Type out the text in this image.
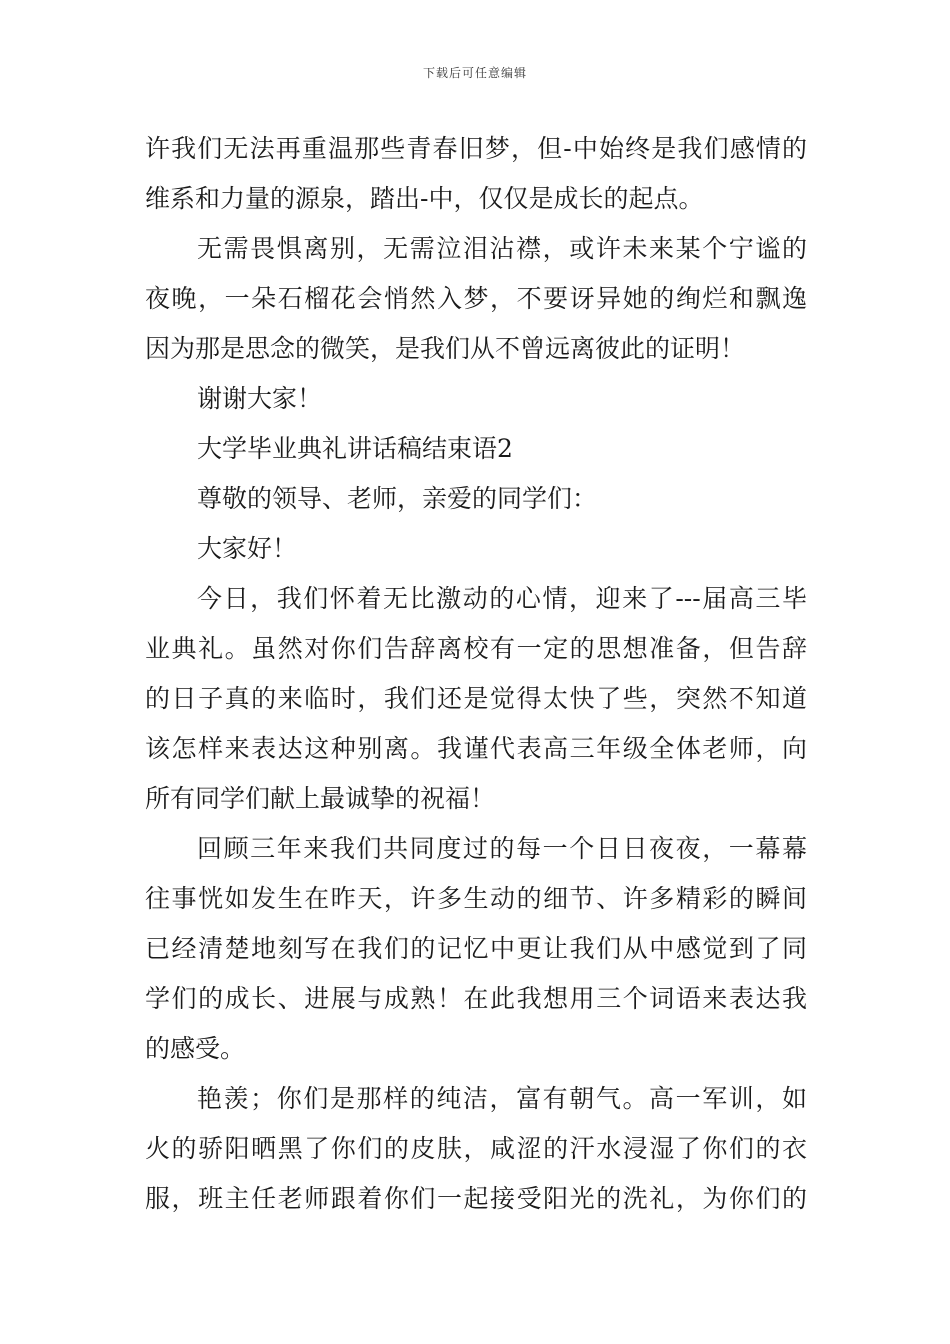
下载后可任意编辑
许我们无法再重温那些青春旧梦，但-中始终是我们感情的
维系和力量的源泉，踏出-中，仅仅是成长的起点。
无需畏惧离别，无需泣泪沾襟，或许未来某个宁谧的
夜晚，一朵石榴花会悄然入梦，不要讶异她的绚烂和飘逸
因为那是思念的微笑，是我们从不曾远离彼此的证明！
谢谢大家！
大学毕业典礼讲话稿结束语2
尊敬的领导、老师，亲爱的同学们：
大家好！
今日，我们怀着无比激动的心情，迎来了---届高三毕
业典礼。虽然对你们告辞离校有一定的思想准备，但告辞
的日子真的来临时，我们还是觉得太快了些，突然不知道
该怎样来表达这种别离。我谨代表高三年级全体老师，向
所有同学们献上最诚挚的祝福！
回顾三年来我们共同度过的每一个日日夜夜，一幕幕
往事恍如发生在昨天，许多生动的细节、许多精彩的瞬间
已经清楚地刻写在我们的记忆中更让我们从中感觉到了同
学们的成长、进展与成熟！在此我想用三个词语来表达我
的感受。
艳羡；你们是那样的纯洁，富有朝气。高一军训，如
火的骄阳晒黑了你们的皮肤，咸涩的汗水浸湿了你们的衣
服，班主任老师跟着你们一起接受阳光的洗礼，为你们的
